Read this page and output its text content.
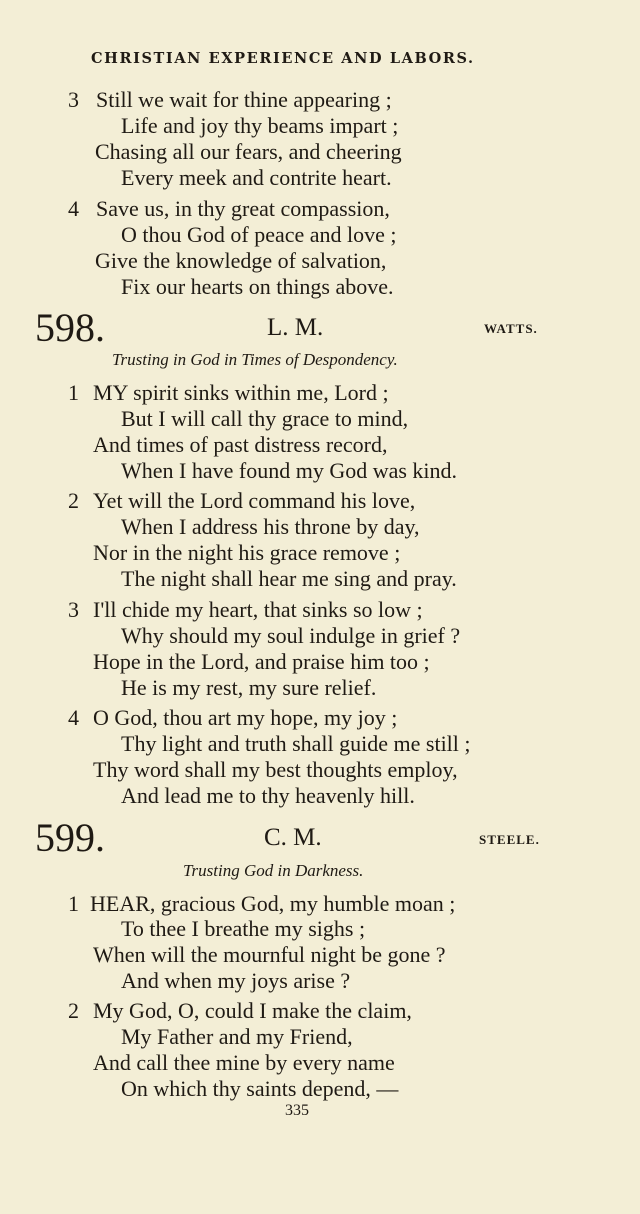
CHRISTIAN EXPERIENCE AND LABORS.
3 Still we wait for thine appearing ;
Life and joy thy beams impart ;
Chasing all our fears, and cheering
Every meek and contrite heart.
4 Save us, in thy great compassion,
O thou God of peace and love ;
Give the knowledge of salvation,
Fix our hearts on things above.
598.	L. M.	WATTS.
Trusting in God in Times of Despondency.
1 MY spirit sinks within me, Lord ;
But I will call thy grace to mind,
And times of past distress record,
When I have found my God was kind.
2 Yet will the Lord command his love,
When I address his throne by day,
Nor in the night his grace remove ;
The night shall hear me sing and pray.
3 I'll chide my heart, that sinks so low ;
Why should my soul indulge in grief ?
Hope in the Lord, and praise him too ;
He is my rest, my sure relief.
4 O God, thou art my hope, my joy ;
Thy light and truth shall guide me still ;
Thy word shall my best thoughts employ,
And lead me to thy heavenly hill.
599.	C. M.	STEELE.
Trusting God in Darkness.
1 HEAR, gracious God, my humble moan ;
To thee I breathe my sighs ;
When will the mournful night be gone ?
And when my joys arise ?
2 My God, O, could I make the claim,
My Father and my Friend,
And call thee mine by every name
On which thy saints depend, —
335
